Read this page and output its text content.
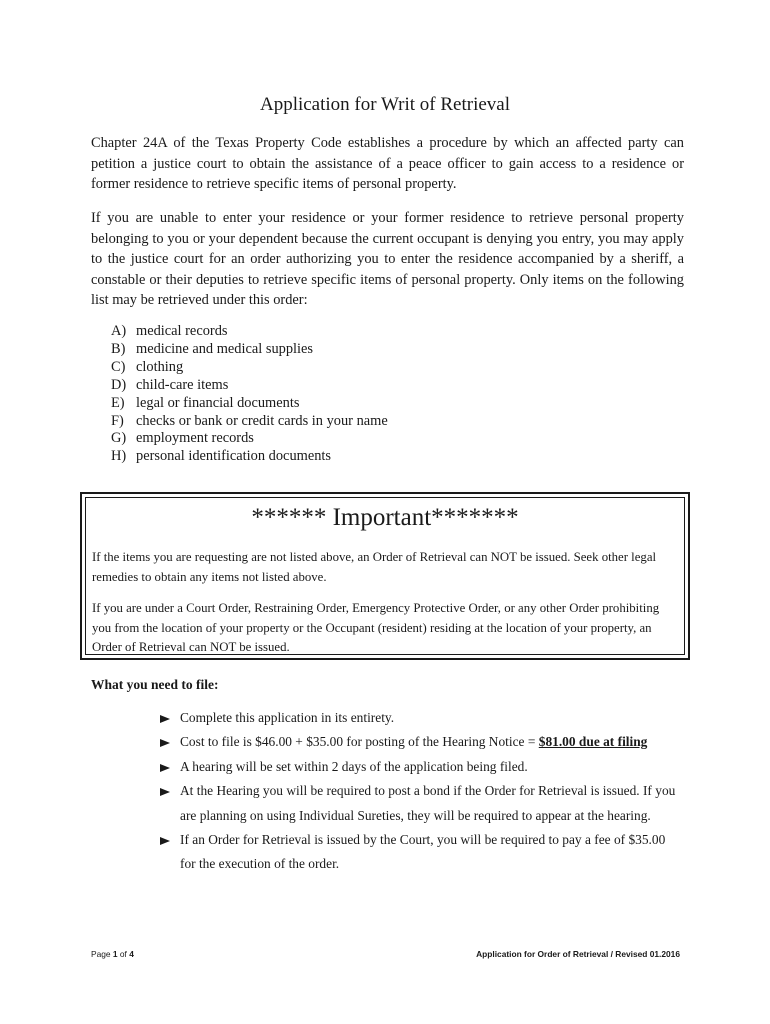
Application for Writ of Retrieval

Chapter 24A of the Texas Property Code establishes a procedure by which an affected party can petition a justice court to obtain the assistance of a peace officer to gain access to a residence or former residence to retrieve specific items of personal property.

If you are unable to enter your residence or your former residence to retrieve personal property belonging to you or your dependent because the current occupant is denying you entry, you may apply to the justice court for an order authorizing you to enter the residence accompanied by a sheriff, a constable or their deputies to retrieve specific items of personal property. Only items on the following list may be retrieved under this order:

A) medical records
B) medicine and medical supplies
C) clothing
D) child-care items
E) legal or financial documents
F) checks or bank or credit cards in your name
G) employment records
H) personal identification documents
****** Important*******

If the items you are requesting are not listed above, an Order of Retrieval can NOT be issued. Seek other legal remedies to obtain any items not listed above.

If you are under a Court Order, Restraining Order, Emergency Protective Order, or any other Order prohibiting you from the location of your property or the Occupant (resident) residing at the location of your property, an Order of Retrieval can NOT be issued.

What you need to file:
Complete this application in its entirety.
Cost to file is $46.00 + $35.00 for posting of the Hearing Notice = $81.00 due at filing
A hearing will be set within 2 days of the application being filed.
At the Hearing you will be required to post a bond if the Order for Retrieval is issued. If you are planning on using Individual Sureties, they will be required to appear at the hearing.
If an Order for Retrieval is issued by the Court, you will be required to pay a fee of $35.00 for the execution of the order.
Page 1 of 4	Application for Order of Retrieval / Revised 01.2016
